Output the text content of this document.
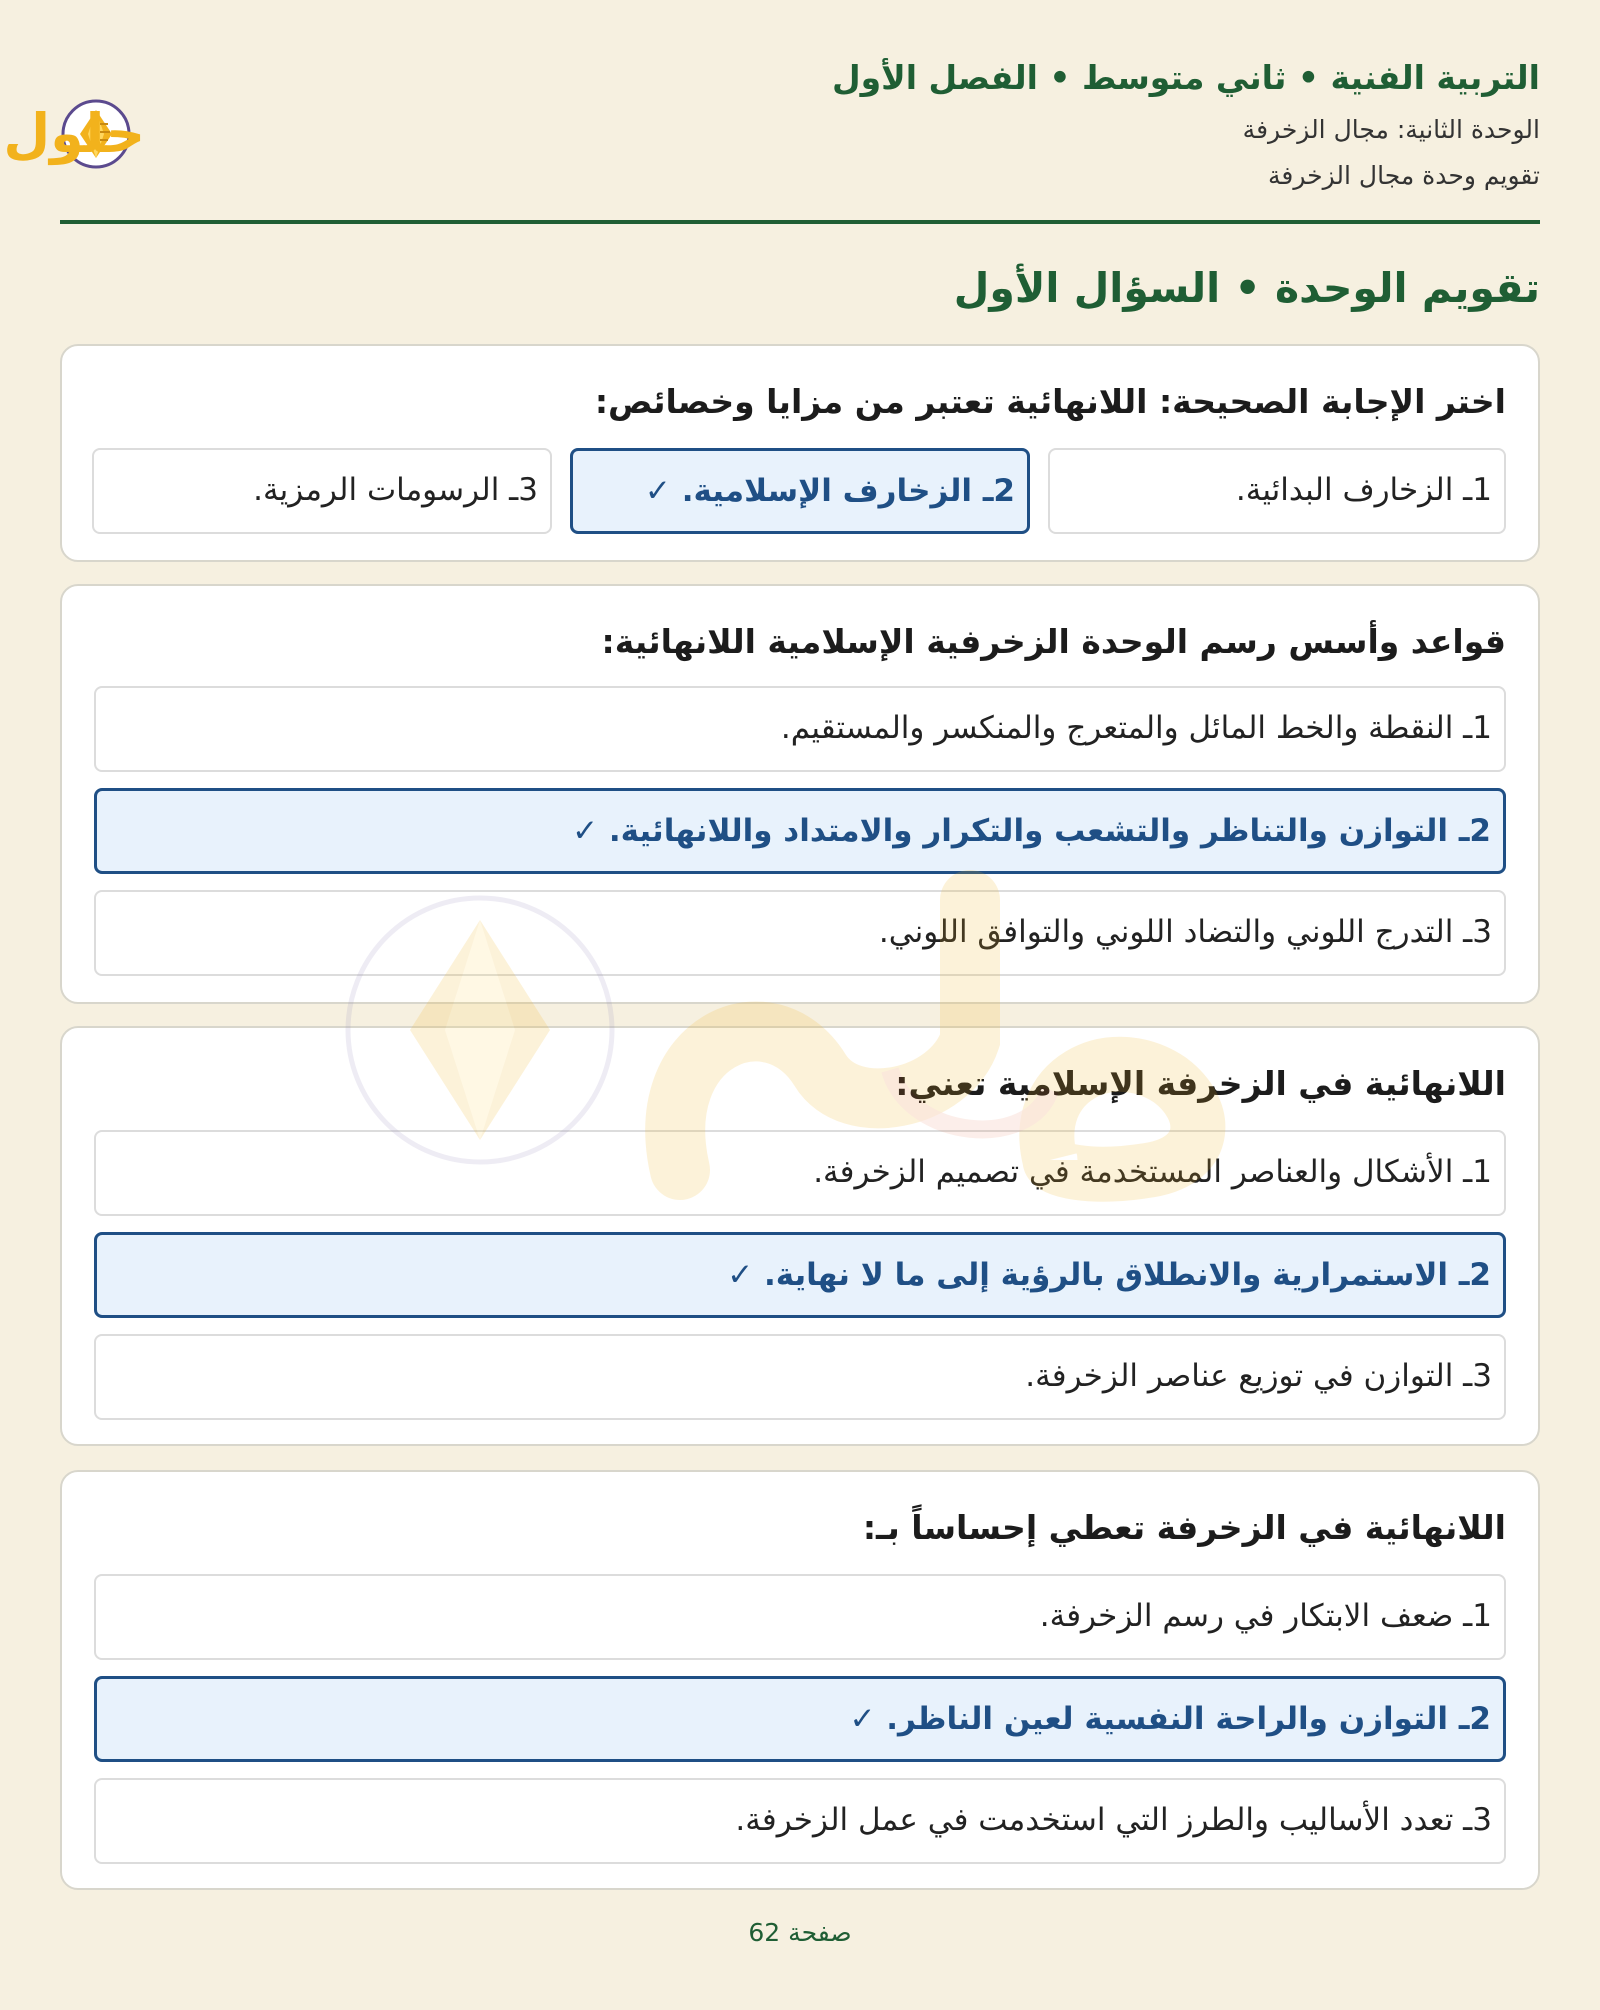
التربية الفنية • ثاني متوسط • الفصل الأول
الوحدة الثانية: مجال الزخرفة
تقويم وحدة مجال الزخرفة
حلول
تقويم الوحدة • السؤال الأول
اختر الإجابة الصحيحة: اللانهائية تعتبر من مزايا وخصائص:
1ـ الزخارف البدائية.
2ـ الزخارف الإسلامية. ✓
3ـ الرسومات الرمزية.
قواعد وأسس رسم الوحدة الزخرفية الإسلامية اللانهائية:
1ـ النقطة والخط المائل والمتعرج والمنكسر والمستقيم.
2ـ التوازن والتناظر والتشعب والتكرار والامتداد واللانهائية. ✓
3ـ التدرج اللوني والتضاد اللوني والتوافق اللوني.
اللانهائية في الزخرفة الإسلامية تعني:
1ـ الأشكال والعناصر المستخدمة في تصميم الزخرفة.
2ـ الاستمرارية والانطلاق بالرؤية إلى ما لا نهاية. ✓
3ـ التوازن في توزيع عناصر الزخرفة.
اللانهائية في الزخرفة تعطي إحساساً بـ:
1ـ ضعف الابتكار في رسم الزخرفة.
2ـ التوازن والراحة النفسية لعين الناظر. ✓
3ـ تعدد الأساليب والطرز التي استخدمت في عمل الزخرفة.
صفحة 62
